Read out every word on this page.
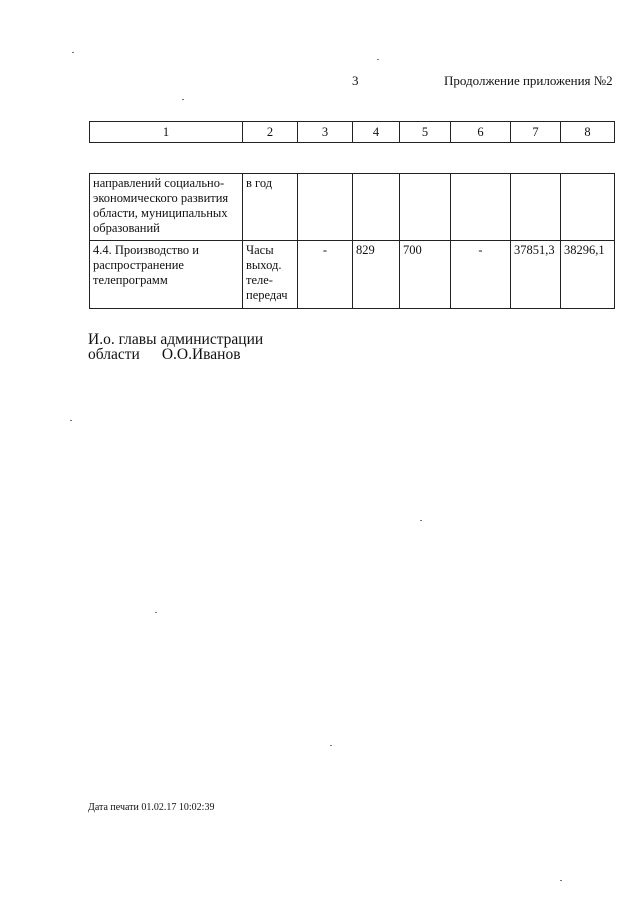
3	Продолжение приложения №2
1	2	3	4	5	6	7	8
направлений социально-экономического развития области, муниципальных образований	в год						
4.4. Производство и распространение телепрограмм	Часы выход. теле-передач	-	829	700	-	37851,3	38296,1
И.о. главы администрации
области О.О.Иванов
Дата печати 01.02.17 10:02:39
